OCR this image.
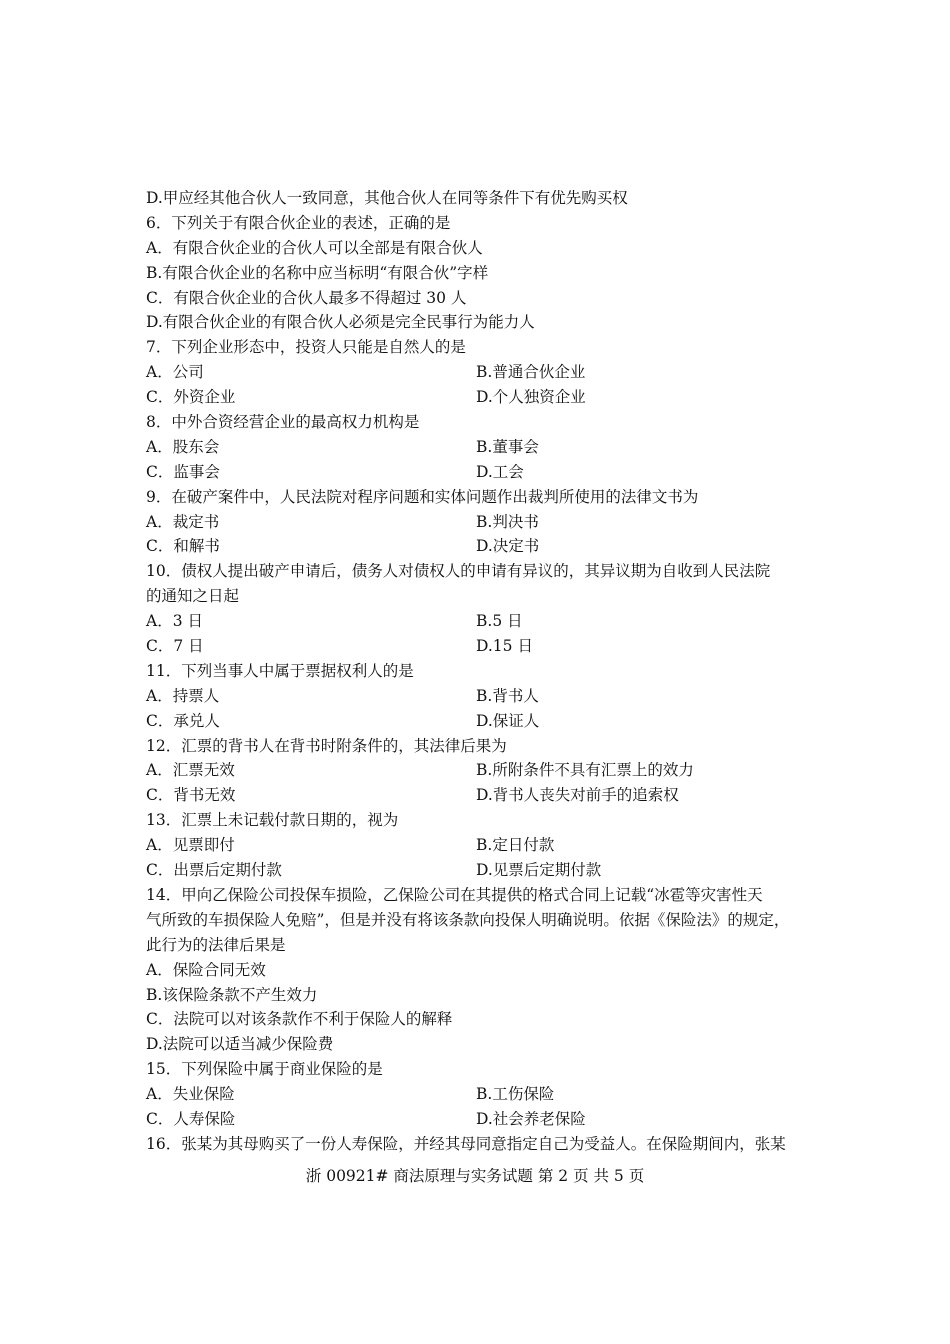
D.甲应经其他合伙人一致同意，其他合伙人在同等条件下有优先购买权
6．下列关于有限合伙企业的表述，正确的是
A．有限合伙企业的合伙人可以全部是有限合伙人
B.有限合伙企业的名称中应当标明“有限合伙”字样
C．有限合伙企业的合伙人最多不得超过 30 人
D.有限合伙企业的有限合伙人必须是完全民事行为能力人
7．下列企业形态中，投资人只能是自然人的是
A．公司	B.普通合伙企业
C．外资企业	D.个人独资企业
8．中外合资经营企业的最高权力机构是
A．股东会	B.董事会
C．监事会	D.工会
9．在破产案件中，人民法院对程序问题和实体问题作出裁判所使用的法律文书为
A．裁定书	B.判决书
C．和解书	D.决定书
10．债权人提出破产申请后，债务人对债权人的申请有异议的，其异议期为自收到人民法院
的通知之日起
A．3 日	B.5 日
C．7 日	D.15 日
11．下列当事人中属于票据权利人的是
A．持票人	B.背书人
C．承兑人	D.保证人
12．汇票的背书人在背书时附条件的，其法律后果为
A．汇票无效	B.所附条件不具有汇票上的效力
C．背书无效	D.背书人丧失对前手的追索权
13．汇票上未记载付款日期的，视为
A．见票即付	B.定日付款
C．出票后定期付款	D.见票后定期付款
14．甲向乙保险公司投保车损险，乙保险公司在其提供的格式合同上记载“冰雹等灾害性天
气所致的车损保险人免赔”，但是并没有将该条款向投保人明确说明。依据《保险法》的规定，
此行为的法律后果是
A．保险合同无效
B.该保险条款不产生效力
C．法院可以对该条款作不利于保险人的解释
D.法院可以适当减少保险费
15．下列保险中属于商业保险的是
A．失业保险	B.工伤保险
C．人寿保险	D.社会养老保险
16．张某为其母购买了一份人寿保险，并经其母同意指定自己为受益人。在保险期间内，张某
浙 00921# 商法原理与实务试题 第 2 页 共 5 页
